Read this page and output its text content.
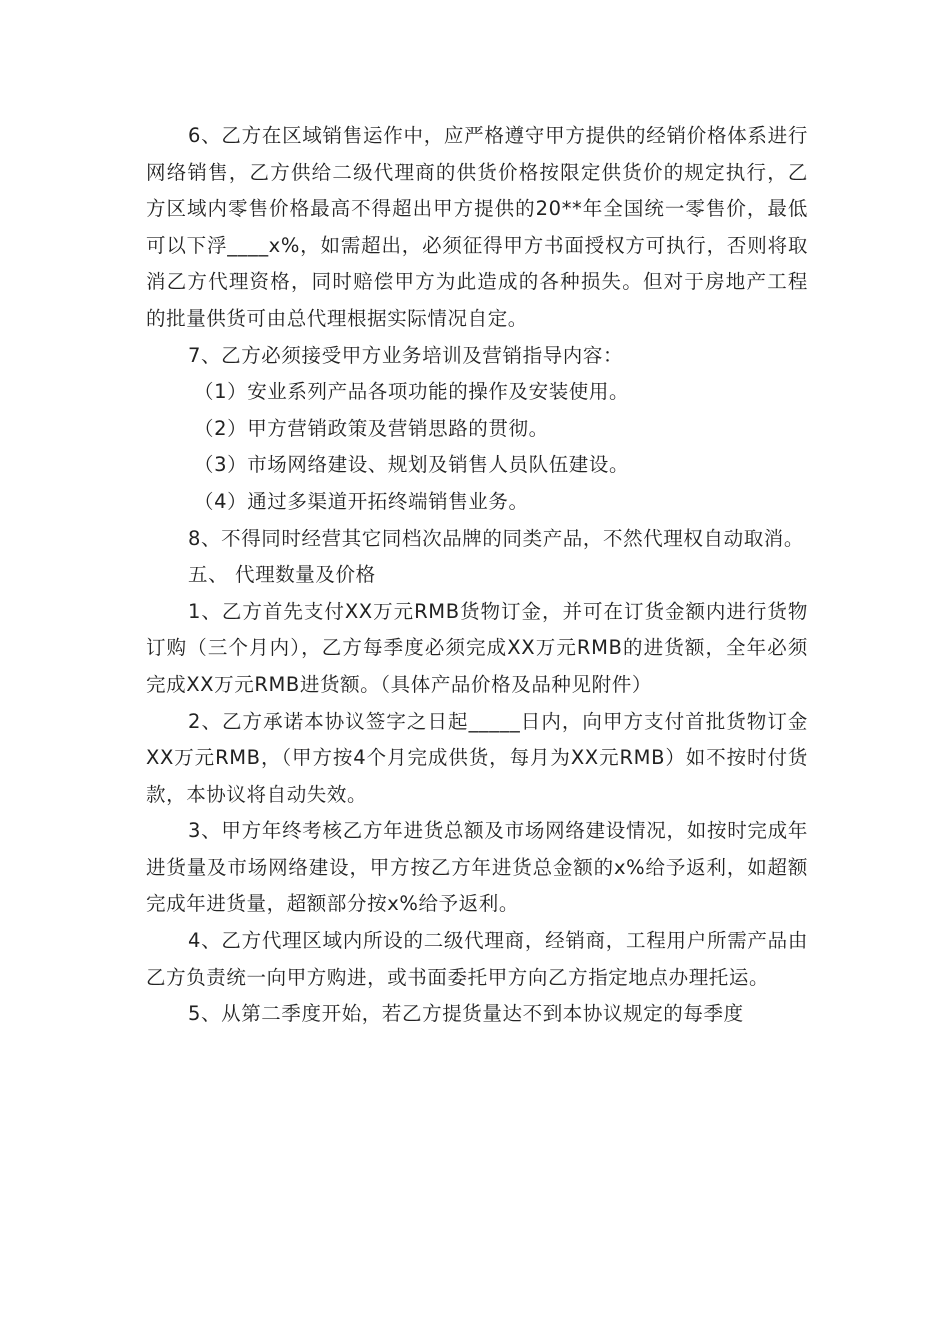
6、乙方在区域销售运作中，应严格遵守甲方提供的经销价格体系进行网络销售，乙方供给二级代理商的供货价格按限定供货价的规定执行，乙方区域内零售价格最高不得超出甲方提供的20**年全国统一零售价，最低可以下浮____x%，如需超出，必须征得甲方书面授权方可执行，否则将取消乙方代理资格，同时赔偿甲方为此造成的各种损失。但对于房地产工程的批量供货可由总代理根据实际情况自定。

7、乙方必须接受甲方业务培训及营销指导内容：

（1）安业系列产品各项功能的操作及安装使用。

（2）甲方营销政策及营销思路的贯彻。

（3）市场网络建设、规划及销售人员队伍建设。

（4）通过多渠道开拓终端销售业务。

8、不得同时经营其它同档次品牌的同类产品，不然代理权自动取消。

五、 代理数量及价格

1、乙方首先支付XX万元RMB货物订金，并可在订货金额内进行货物订购（三个月内），乙方每季度必须完成XX万元RMB的进货额，全年必须完成XX万元RMB进货额。（具体产品价格及品种见附件）

2、乙方承诺本协议签字之日起_____日内，向甲方支付首批货物订金XX万元RMB，（甲方按4个月完成供货，每月为XX元RMB）如不按时付货款，本协议将自动失效。

3、甲方年终考核乙方年进货总额及市场网络建设情况，如按时完成年进货量及市场网络建设，甲方按乙方年进货总金额的x%给予返利，如超额完成年进货量，超额部分按x%给予返利。

4、乙方代理区域内所设的二级代理商，经销商，工程用户所需产品由乙方负责统一向甲方购进，或书面委托甲方向乙方指定地点办理托运。

5、从第二季度开始，若乙方提货量达不到本协议规定的每季度
